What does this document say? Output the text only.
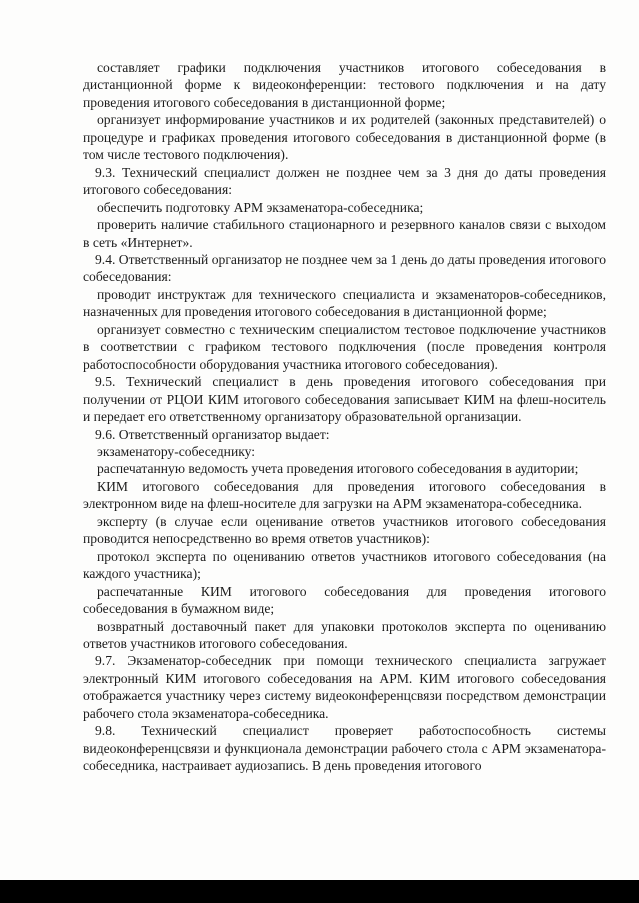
составляет графики подключения участников итогового собеседования в дистанционной форме к видеоконференции: тестового подключения и на дату проведения итогового собеседования в дистанционной форме;

организует информирование участников и их родителей (законных представителей) о процедуре и графиках проведения итогового собеседования в дистанционной форме (в том числе тестового подключения).

9.3. Технический специалист должен не позднее чем за 3 дня до даты проведения итогового собеседования:

обеспечить подготовку АРМ экзаменатора-собеседника;

проверить наличие стабильного стационарного и резервного каналов связи с выходом в сеть «Интернет».

9.4. Ответственный организатор не позднее чем за 1 день до даты проведения итогового собеседования:

проводит инструктаж для технического специалиста и экзаменаторов-собеседников, назначенных для проведения итогового собеседования в дистанционной форме;

организует совместно с техническим специалистом тестовое подключение участников в соответствии с графиком тестового подключения (после проведения контроля работоспособности оборудования участника итогового собеседования).

9.5. Технический специалист в день проведения итогового собеседования при получении от РЦОИ КИМ итогового собеседования записывает КИМ на флеш-носитель и передает его ответственному организатору образовательной организации.

9.6. Ответственный организатор выдает:

экзаменатору-собеседнику:

распечатанную ведомость учета проведения итогового собеседования в аудитории;

КИМ итогового собеседования для проведения итогового собеседования в электронном виде на флеш-носителе для загрузки на АРМ экзаменатора-собеседника.

эксперту (в случае если оценивание ответов участников итогового собеседования проводится непосредственно во время ответов участников):

протокол эксперта по оцениванию ответов участников итогового собеседования (на каждого участника);

распечатанные КИМ итогового собеседования для проведения итогового собеседования в бумажном виде;

возвратный доставочный пакет для упаковки протоколов эксперта по оцениванию ответов участников итогового собеседования.

9.7. Экзаменатор-собеседник при помощи технического специалиста загружает электронный КИМ итогового собеседования на АРМ. КИМ итогового собеседования отображается участнику через систему видеоконференцсвязи посредством демонстрации рабочего стола экзаменатора-собеседника.

9.8. Технический специалист проверяет работоспособность системы видеоконференцсвязи и функционала демонстрации рабочего стола с АРМ экзаменатора-собеседника, настраивает аудиозапись. В день проведения итогового
